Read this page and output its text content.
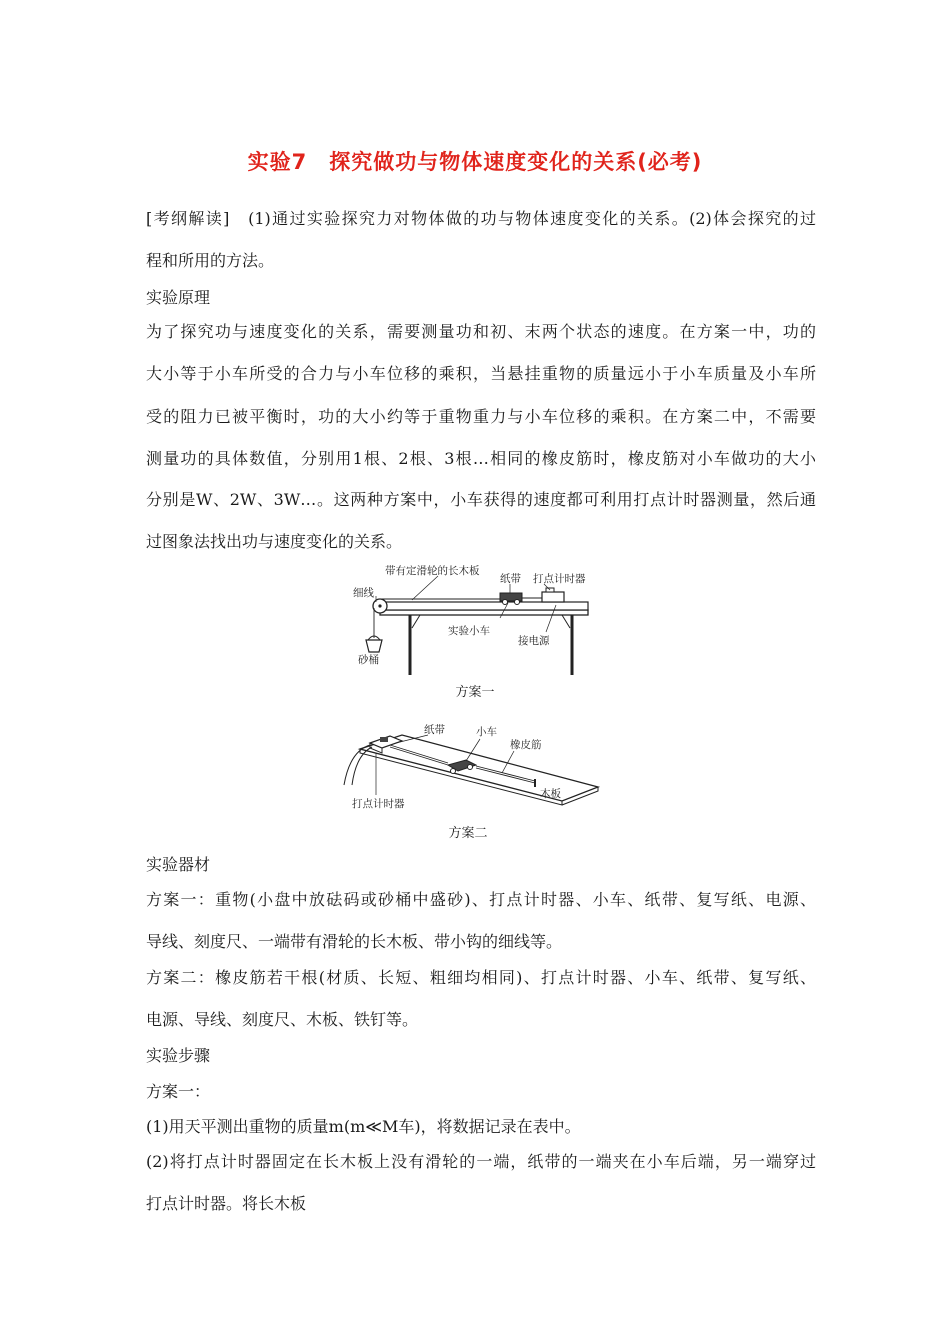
实验7　探究做功与物体速度变化的关系(必考)
[考纲解读]　(1)通过实验探究力对物体做的功与物体速度变化的关系。(2)体会探究的过
程和所用的方法。
实验原理
为了探究功与速度变化的关系，需要测量功和初、末两个状态的速度。在方案一中，功的
大小等于小车所受的合力与小车位移的乘积，当悬挂重物的质量远小于小车质量及小车所
受的阻力已被平衡时，功的大小约等于重物重力与小车位移的乘积。在方案二中，不需要
测量功的具体数值，分别用1根、2根、3根…相同的橡皮筋时，橡皮筋对小车做功的大小
分别是W、2W、3W…。这两种方案中，小车获得的速度都可利用打点计时器测量，然后通
过图象法找出功与速度变化的关系。
带有定滑轮的长木板
细线
纸带 打点计时器
实验小车
接电源
砂桶
方案一
纸带	小车
橡皮筋
木板
打点计时器
方案二
实验器材
方案一：重物(小盘中放砝码或砂桶中盛砂)、打点计时器、小车、纸带、复写纸、电源、
导线、刻度尺、一端带有滑轮的长木板、带小钩的细线等。
方案二：橡皮筋若干根(材质、长短、粗细均相同)、打点计时器、小车、纸带、复写纸、
电源、导线、刻度尺、木板、铁钉等。
实验步骤
方案一：
(1)用天平测出重物的质量m(m≪M车)，将数据记录在表中。
(2)将打点计时器固定在长木板上没有滑轮的一端，纸带的一端夹在小车后端，另一端穿过
打点计时器。将长木板
